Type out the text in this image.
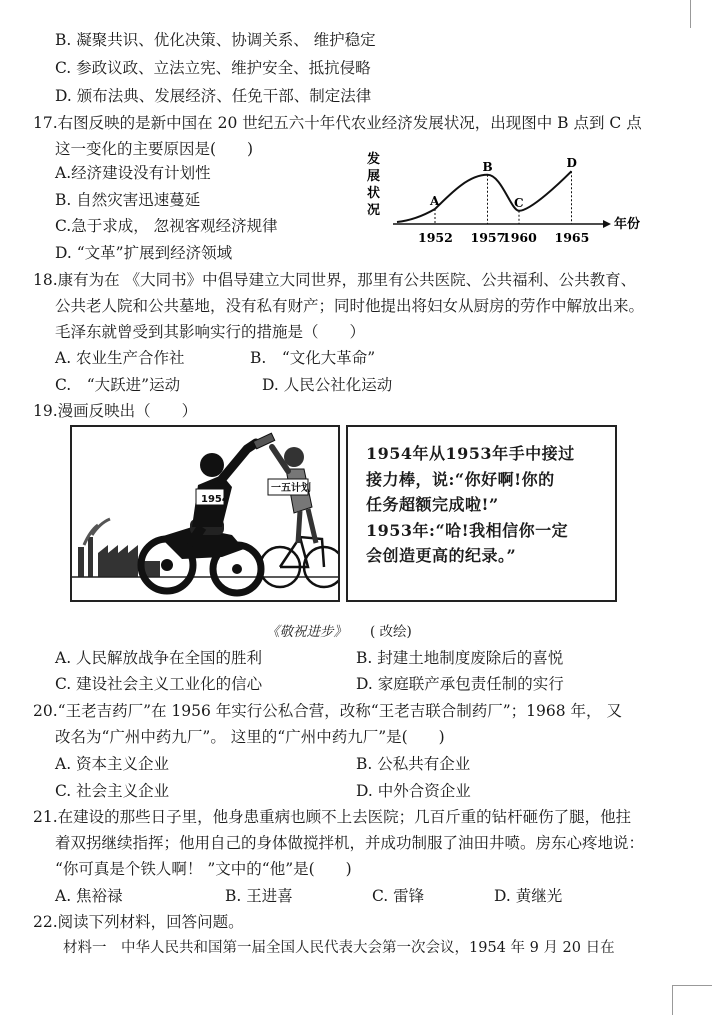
B. 凝聚共识、优化决策、协调关系、 维护稳定
C. 参政议政、立法立宪、维护安全、抵抗侵略
D. 颁布法典、发展经济、任免干部、制定法律
17.右图反映的是新中国在 20 世纪五六十年代农业经济发展状况，出现图中 B 点到 C 点
这一变化的主要原因是(　　)
A.经济建设没有计划性
B. 自然灾害迅速蔓延
C.急于求成， 忽视客观经济规律
D. “文革”扩展到经济领域
发
展
状
况
A
1952
B
1957
C
1960
D
1965
年份
18.康有为在 《大同书》中倡导建立大同世界，那里有公共医院、公共福利、公共教育、
公共老人院和公共墓地，没有私有财产；同时他提出将妇女从厨房的劳作中解放出来。
毛泽东就曾受到其影响实行的措施是（　　）
A. 农业生产合作社	B.　“文化大革命”
C.　“大跃进”运动	D. 人民公社化运动
19.漫画反映出（　　）
1954
一五计划
1954年从1953年手中接过
接力棒，说:“你好啊!你的
任务超额完成啦!”
1953年:“哈!我相信你一定
会创造更高的纪录。”
《敬祝进步》 ( 改绘)
A. 人民解放战争在全国的胜利	B. 封建土地制度废除后的喜悦
C. 建设社会主义工业化的信心	D. 家庭联产承包责任制的实行
20.“王老吉药厂”在 1956 年实行公私合营，改称“王老吉联合制药厂”；1968 年， 又
改名为“广州中药九厂”。 这里的“广州中药九厂”是(　　)
A. 资本主义企业	B. 公私共有企业
C. 社会主义企业	D. 中外合资企业
21.在建设的那些日子里，他身患重病也顾不上去医院；几百斤重的钻杆砸伤了腿，他拄
着双拐继续指挥；他用自己的身体做搅拌机，并成功制服了油田井喷。房东心疼地说：
“你可真是个铁人啊！ ”文中的“他”是(　　)
A. 焦裕禄	B. 王进喜	C. 雷锋	D. 黄继光
22.阅读下列材料，回答问题。
材料一　中华人民共和国第一届全国人民代表大会第一次会议，1954 年 9 月 20 日在
